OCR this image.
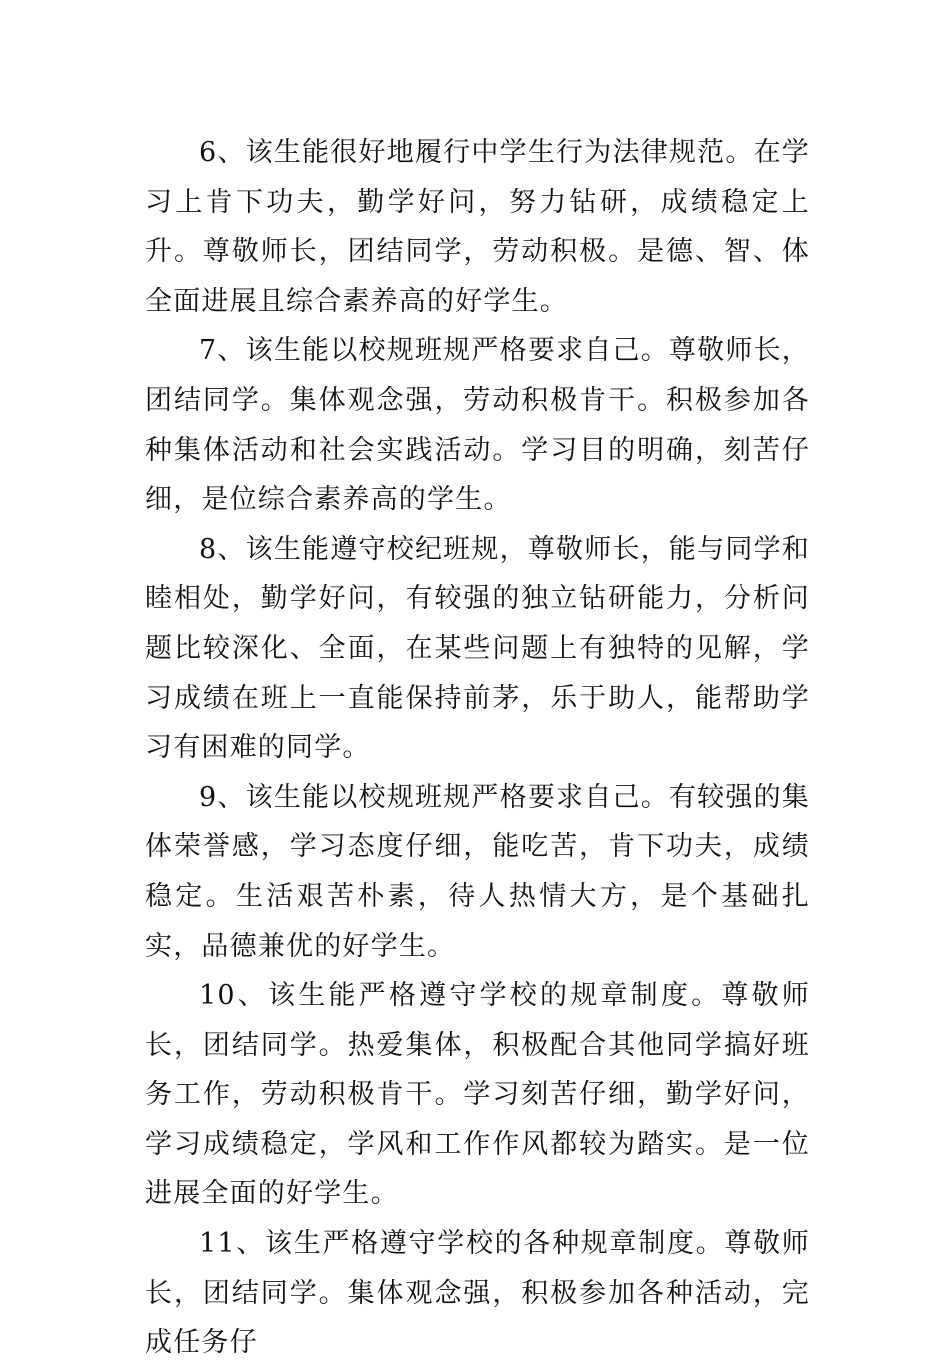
6、该生能很好地履行中学生行为法律规范。在学习上肯下功夫，勤学好问，努力钻研，成绩稳定上升。尊敬师长，团结同学，劳动积极。是德、智、体全面进展且综合素养高的好学生。

7、该生能以校规班规严格要求自己。尊敬师长，团结同学。集体观念强，劳动积极肯干。积极参加各种集体活动和社会实践活动。学习目的明确，刻苦仔细，是位综合素养高的学生。

8、该生能遵守校纪班规，尊敬师长，能与同学和睦相处，勤学好问，有较强的独立钻研能力，分析问题比较深化、全面，在某些问题上有独特的见解，学习成绩在班上一直能保持前茅，乐于助人，能帮助学习有困难的同学。

9、该生能以校规班规严格要求自己。有较强的集体荣誉感，学习态度仔细，能吃苦，肯下功夫，成绩稳定。生活艰苦朴素，待人热情大方，是个基础扎实，品德兼优的好学生。

10、该生能严格遵守学校的规章制度。尊敬师长，团结同学。热爱集体，积极配合其他同学搞好班务工作，劳动积极肯干。学习刻苦仔细，勤学好问，学习成绩稳定，学风和工作作风都较为踏实。是一位进展全面的好学生。

11、该生严格遵守学校的各种规章制度。尊敬师长，团结同学。集体观念强，积极参加各种活动，完成任务仔
